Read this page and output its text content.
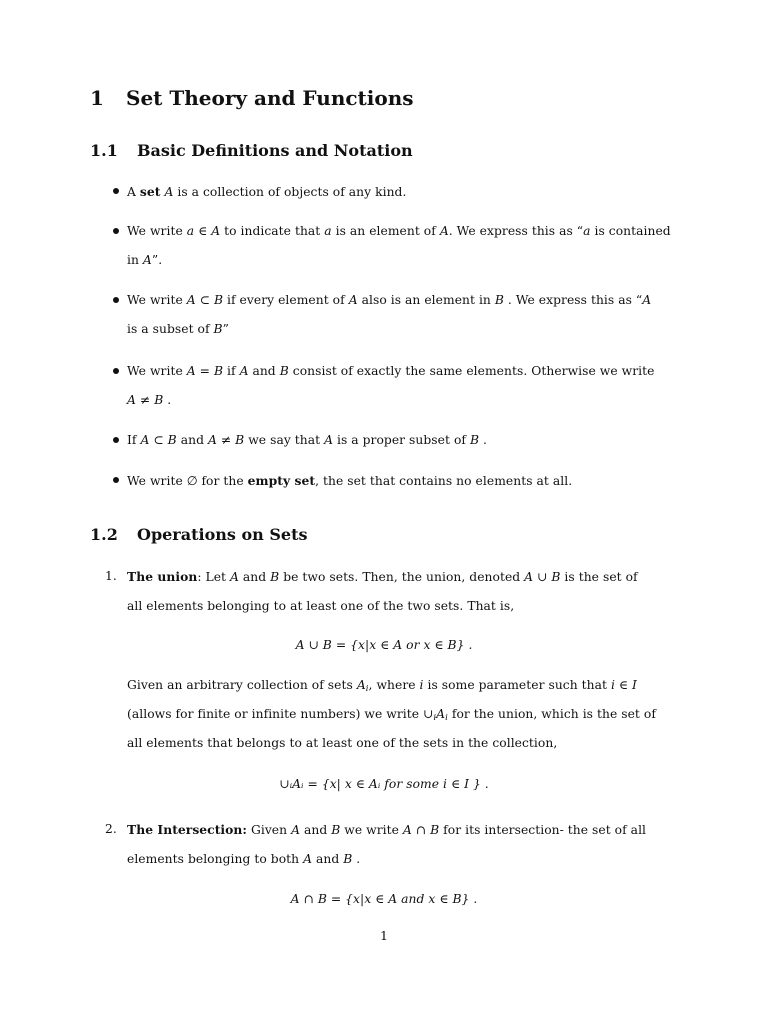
1 Set Theory and Functions
1.1 Basic Definitions and Notation
A set A is a collection of objects of any kind.
We write a ∈ A to indicate that a is an element of A. We express this as “a is contained
in A”.
We write A ⊂ B if every element of A also is an element in B . We express this as “A
is a subset of B”
We write A = B if A and B consist of exactly the same elements. Otherwise we write
A ≠ B .
If A ⊂ B and A ≠ B we say that A is a proper subset of B .
We write ∅ for the empty set, the set that contains no elements at all.
1.2 Operations on Sets
1. The union: Let A and B be two sets. Then, the union, denoted A ∪ B is the set of
all elements belonging to at least one of the two sets. That is,
A ∪ B = {x|x ∈ A or x ∈ B} .
Given an arbitrary collection of sets $A_i$, where i is some parameter such that i ∈ I
(allows for finite or infinite numbers) we write $\cup_iA_i$ for the union, which is the set of
all elements that belongs to at least one of the sets in the collection,
∪ᵢAᵢ = {x| x ∈ Aᵢ for some i ∈ I } .
2. The Intersection: Given A and B we write A ∩ B for its intersection- the set of all
elements belonging to both A and B .
A ∩ B = {x|x ∈ A and x ∈ B} .
1
